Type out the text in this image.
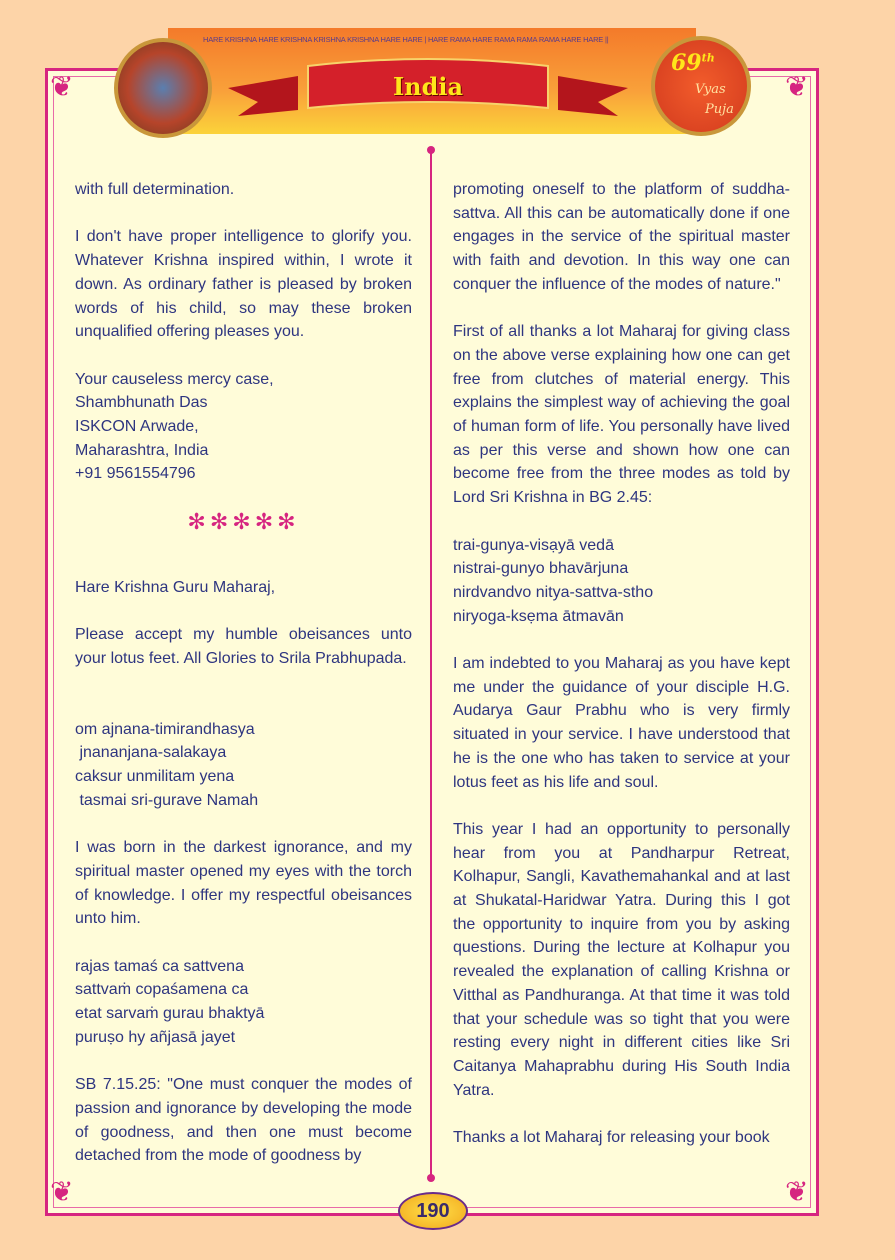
❦	❦
❦	❦
HARE KRISHNA HARE KRISHNA KRISHNA KRISHNA HARE HARE | HARE RAMA HARE RAMA RAMA RAMA HARE HARE ||
India
69th
Vyas
Puja

with full determination.

I don't have proper intelligence to glorify you. Whatever Krishna inspired within, I wrote it down. As ordinary father is pleased by broken words of his child, so may these broken unqualified offering pleases you.

Your causeless mercy case,
Shambhunath Das
ISKCON Arwade,
Maharashtra, India
+91 9561554796

✻✻✻✻✻

Hare Krishna Guru Maharaj,

Please accept my humble obeisances unto your lotus feet. All Glories to Srila Prabhupada.

om ajnana-timirandhasya
jnananjana-salakaya
caksur unmilitam yena
tasmai sri-gurave Namah

I was born in the darkest ignorance, and my spiritual master opened my eyes with the torch of knowledge. I offer my respectful obeisances unto him.

rajas tamaś ca sattvena
sattvaṁ copaśamena ca
etat sarvaṁ gurau bhaktyā
puruṣo hy añjasā jayet

SB 7.15.25: "One must conquer the modes of passion and ignorance by developing the mode of goodness, and then one must become detached from the mode of goodness by

promoting oneself to the platform of suddha-sattva. All this can be automatically done if one engages in the service of the spiritual master with faith and devotion. In this way one can conquer the influence of the modes of nature."

First of all thanks a lot Maharaj for giving class on the above verse explaining how one can get free from clutches of material energy. This explains the simplest way of achieving the goal of human form of life. You personally have lived as per this verse and shown how one can become free from the three modes as told by Lord Sri Krishna in BG 2.45:

trai-gunya-visạyā vedā
nistrai-gunyo bhavārjuna
nirdvandvo nitya-sattva-stho
niryoga-ksẹma ātmavān

I am indebted to you Maharaj as you have kept me under the guidance of your disciple H.G. Audarya Gaur Prabhu who is very firmly situated in your service. I have understood that he is the one who has taken to service at your lotus feet as his life and soul.

This year I had an opportunity to personally hear from you at Pandharpur Retreat, Kolhapur, Sangli, Kavathemahankal and at last at Shukatal-Haridwar Yatra. During this I got the opportunity to inquire from you by asking questions. During the lecture at Kolhapur you revealed the explanation of calling Krishna or Vitthal as Pandhuranga. At that time it was told that your schedule was so tight that you were resting every night in different cities like Sri Caitanya Mahaprabhu during His South India Yatra.

Thanks a lot Maharaj for releasing your book

190
